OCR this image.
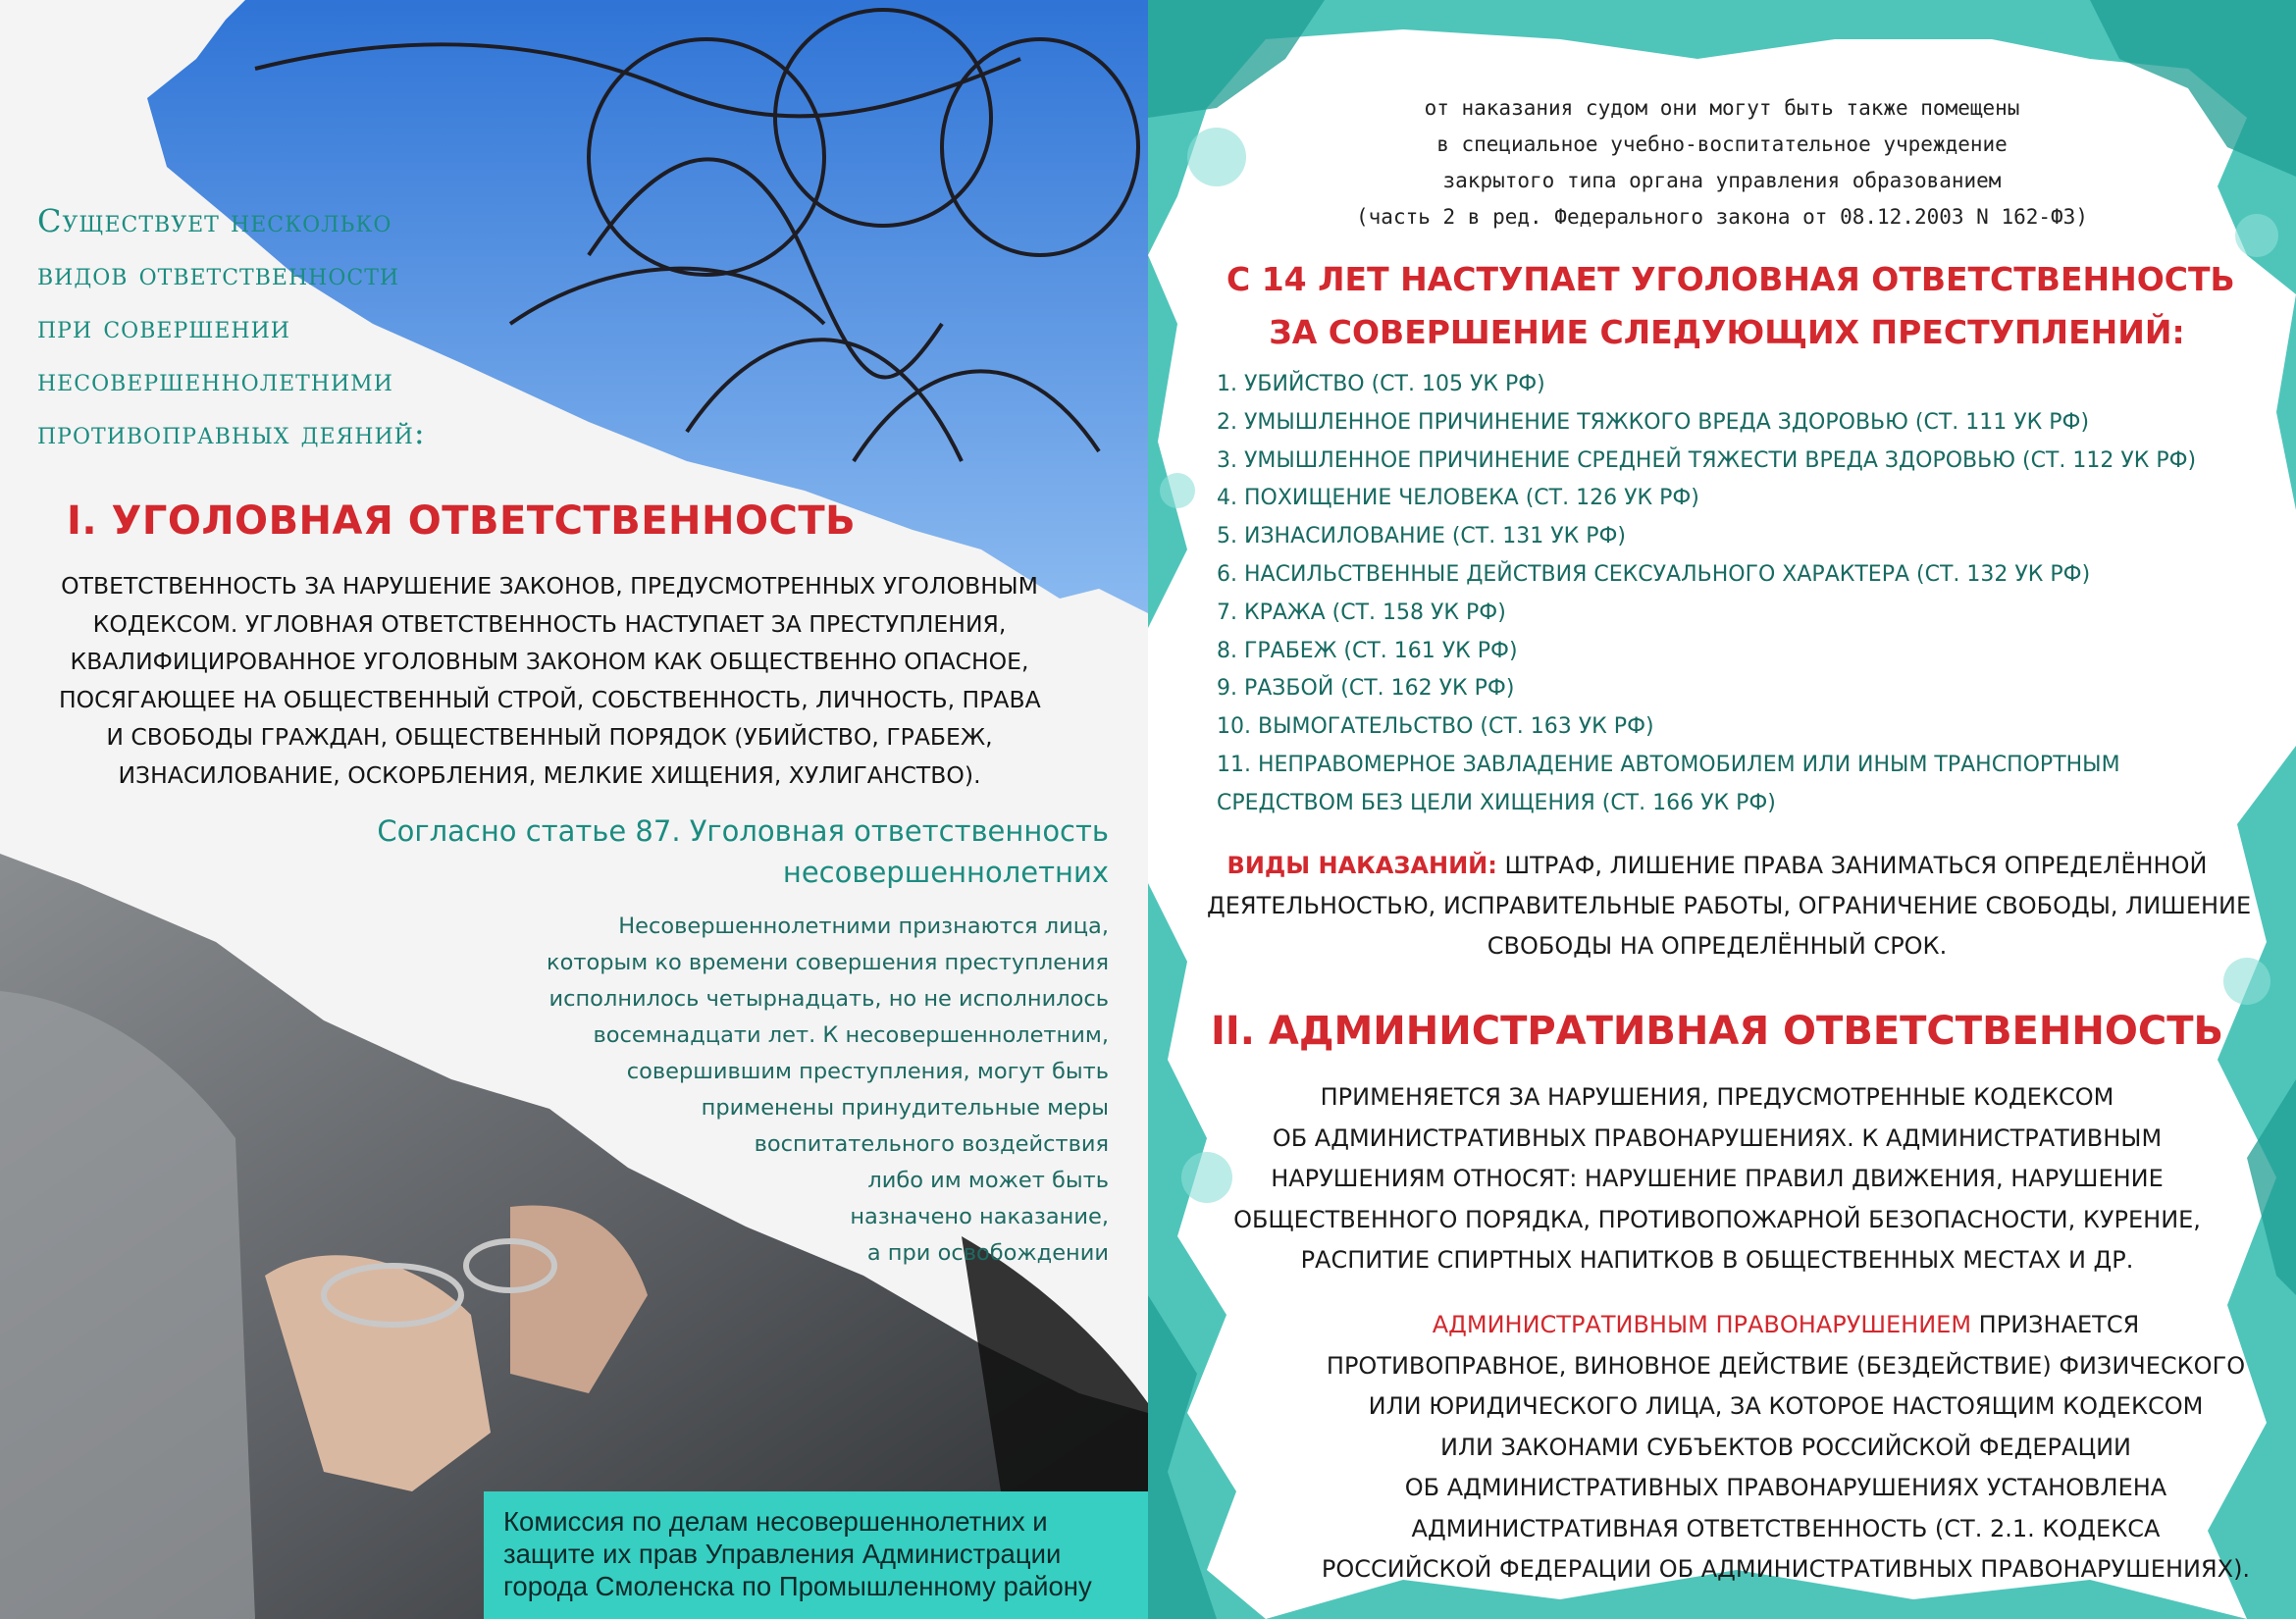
Существует несколько
видов ответственности
при совершении
несовершеннолетними
противоправных деяний:
I. УГОЛОВНАЯ ОТВЕТСТВЕННОСТЬ
ОТВЕТСТВЕННОСТЬ ЗА НАРУШЕНИЕ ЗАКОНОВ, ПРЕДУСМОТРЕННЫХ УГОЛОВНЫМ
КОДЕКСОМ. УГЛОВНАЯ ОТВЕТСТВЕННОСТЬ НАСТУПАЕТ ЗА ПРЕСТУПЛЕНИЯ,
КВАЛИФИЦИРОВАННОЕ УГОЛОВНЫМ ЗАКОНОМ КАК ОБЩЕСТВЕННО ОПАСНОЕ,
ПОСЯГАЮЩЕЕ НА ОБЩЕСТВЕННЫЙ СТРОЙ, СОБСТВЕННОСТЬ, ЛИЧНОСТЬ, ПРАВА
И СВОБОДЫ ГРАЖДАН, ОБЩЕСТВЕННЫЙ ПОРЯДОК (УБИЙСТВО, ГРАБЕЖ,
ИЗНАСИЛОВАНИЕ, ОСКОРБЛЕНИЯ, МЕЛКИЕ ХИЩЕНИЯ, ХУЛИГАНСТВО).
Согласно статье 87. Уголовная ответственность
несовершеннолетних
Несовершеннолетними признаются лица,
которым ко времени совершения преступления
исполнилось четырнадцать, но не исполнилось
восемнадцати лет. К несовершеннолетним,
совершившим преступления, могут быть
применены принудительные меры
воспитательного воздействия
либо им может быть
назначено наказание,
а при освобождении
Комиссия по делам несовершеннолетних и
защите их прав Управления Администрации
города Смоленска по Промышленному району
от наказания судом они могут быть также помещены
в специальное учебно-воспитательное учреждение
закрытого типа органа управления образованием
(часть 2 в ред. Федерального закона от 08.12.2003 N 162-ФЗ)
С 14 ЛЕТ НАСТУПАЕТ УГОЛОВНАЯ ОТВЕТСТВЕННОСТЬ
ЗА СОВЕРШЕНИЕ СЛЕДУЮЩИХ ПРЕСТУПЛЕНИЙ:
1. УБИЙСТВО (СТ. 105 УК РФ)
2. УМЫШЛЕННОЕ ПРИЧИНЕНИЕ ТЯЖКОГО ВРЕДА ЗДОРОВЬЮ (СТ. 111 УК РФ)
3. УМЫШЛЕННОЕ ПРИЧИНЕНИЕ СРЕДНЕЙ ТЯЖЕСТИ ВРЕДА ЗДОРОВЬЮ (СТ. 112 УК РФ)
4. ПОХИЩЕНИЕ ЧЕЛОВЕКА (СТ. 126 УК РФ)
5. ИЗНАСИЛОВАНИЕ (СТ. 131 УК РФ)
6. НАСИЛЬСТВЕННЫЕ ДЕЙСТВИЯ СЕКСУАЛЬНОГО ХАРАКТЕРА (СТ. 132 УК РФ)
7. КРАЖА (СТ. 158 УК РФ)
8. ГРАБЕЖ (СТ. 161 УК РФ)
9. РАЗБОЙ (СТ. 162 УК РФ)
10. ВЫМОГАТЕЛЬСТВО (СТ. 163 УК РФ)
11. НЕПРАВОМЕРНОЕ ЗАВЛАДЕНИЕ АВТОМОБИЛЕМ ИЛИ ИНЫМ ТРАНСПОРТНЫМ
СРЕДСТВОМ БЕЗ ЦЕЛИ ХИЩЕНИЯ (СТ. 166 УК РФ)
ВИДЫ НАКАЗАНИЙ: ШТРАФ, ЛИШЕНИЕ ПРАВА ЗАНИМАТЬСЯ ОПРЕДЕЛЁННОЙ
ДЕЯТЕЛЬНОСТЬЮ, ИСПРАВИТЕЛЬНЫЕ РАБОТЫ, ОГРАНИЧЕНИЕ СВОБОДЫ, ЛИШЕНИЕ
СВОБОДЫ НА ОПРЕДЕЛЁННЫЙ СРОК.
II. АДМИНИСТРАТИВНАЯ ОТВЕТСТВЕННОСТЬ
ПРИМЕНЯЕТСЯ ЗА НАРУШЕНИЯ, ПРЕДУСМОТРЕННЫЕ КОДЕКСОМ
ОБ АДМИНИСТРАТИВНЫХ ПРАВОНАРУШЕНИЯХ. К АДМИНИСТРАТИВНЫМ
НАРУШЕНИЯМ ОТНОСЯТ: НАРУШЕНИЕ ПРАВИЛ ДВИЖЕНИЯ, НАРУШЕНИЕ
ОБЩЕСТВЕННОГО ПОРЯДКА, ПРОТИВОПОЖАРНОЙ БЕЗОПАСНОСТИ, КУРЕНИЕ,
РАСПИТИЕ СПИРТНЫХ НАПИТКОВ В ОБЩЕСТВЕННЫХ МЕСТАХ И ДР.
АДМИНИСТРАТИВНЫМ ПРАВОНАРУШЕНИЕМ ПРИЗНАЕТСЯ
ПРОТИВОПРАВНОЕ, ВИНОВНОЕ ДЕЙСТВИЕ (БЕЗДЕЙСТВИЕ) ФИЗИЧЕСКОГО
ИЛИ ЮРИДИЧЕСКОГО ЛИЦА, ЗА КОТОРОЕ НАСТОЯЩИМ КОДЕКСОМ
ИЛИ ЗАКОНАМИ СУБЪЕКТОВ РОССИЙСКОЙ ФЕДЕРАЦИИ
ОБ АДМИНИСТРАТИВНЫХ ПРАВОНАРУШЕНИЯХ УСТАНОВЛЕНА
АДМИНИСТРАТИВНАЯ ОТВЕТСТВЕННОСТЬ (СТ. 2.1. КОДЕКСА
РОССИЙСКОЙ ФЕДЕРАЦИИ ОБ АДМИНИСТРАТИВНЫХ ПРАВОНАРУШЕНИЯХ).
